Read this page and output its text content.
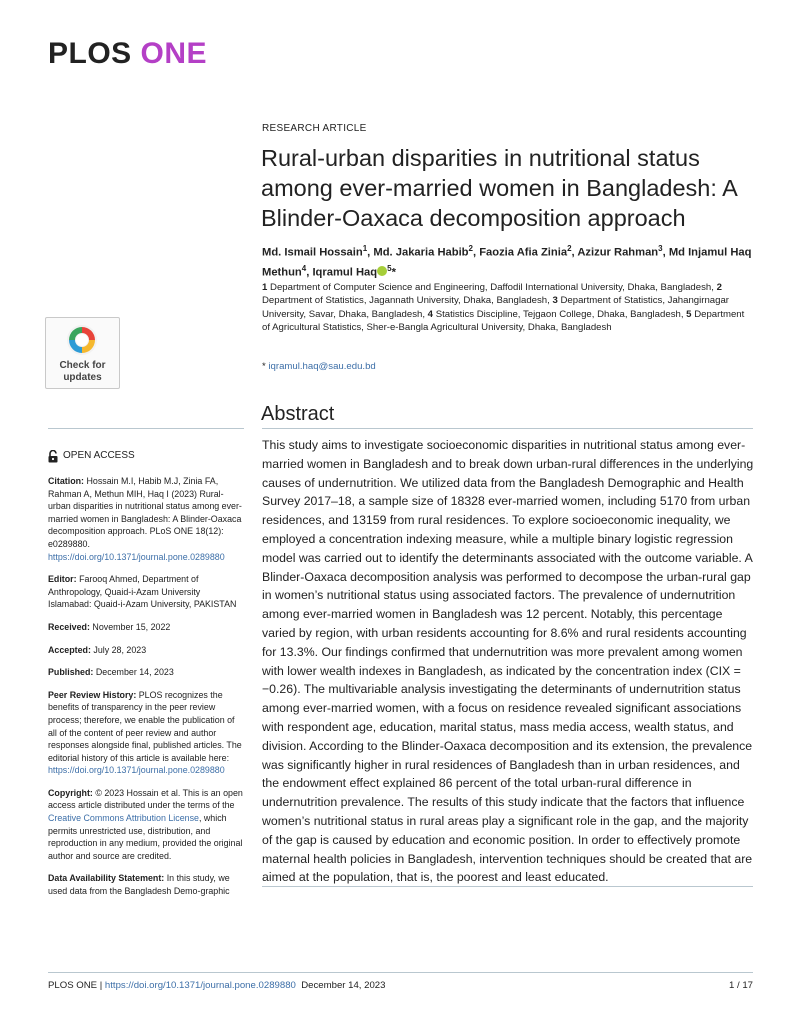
PLOS ONE
RESEARCH ARTICLE
Rural-urban disparities in nutritional status among ever-married women in Bangladesh: A Blinder-Oaxaca decomposition approach
Md. Ismail Hossain$^1$, Md. Jakaria Habib$^2$, Faozia Afia Zinia$^2$, Azizur Rahman$^3$, Md Injamul Haq Methun$^4$, Iqramul Haq $^5$*
1 Department of Computer Science and Engineering, Daffodil International University, Dhaka, Bangladesh, 2 Department of Statistics, Jagannath University, Dhaka, Bangladesh, 3 Department of Statistics, Jahangirnagar University, Savar, Dhaka, Bangladesh, 4 Statistics Discipline, Tejgaon College, Dhaka, Bangladesh, 5 Department of Agricultural Statistics, Sher-e-Bangla Agricultural University, Dhaka, Bangladesh
* iqramul.haq@sau.edu.bd
Check for
updates
Abstract

This study aims to investigate socioeconomic disparities in nutritional status among ever-married women in Bangladesh and to break down urban-rural differences in the underlying causes of undernutrition. We utilized data from the Bangladesh Demographic and Health Survey 2017–18, a sample size of 18328 ever-married women, including 5170 from urban residences, and 13159 from rural residences. To explore socioeconomic inequality, we employed a concentration indexing measure, while a multiple binary logistic regression model was carried out to identify the determinants associated with the outcome variable. A Blinder-Oaxaca decomposition analysis was performed to decompose the urban-rural gap in women’s nutritional status using associated factors. The prevalence of undernutrition among ever-married women in Bangladesh was 12 percent. Notably, this percentage varied by region, with urban residents accounting for 8.6% and rural residents accounting for 13.3%. Our findings confirmed that undernutrition was more prevalent among women with lower wealth indexes in Bangladesh, as indicated by the concentration index (CIX = −0.26). The multivariable analysis investigating the determinants of undernutrition status among ever-married women, with a focus on residence revealed significant associations with respondent age, education, marital status, mass media access, wealth status, and division. According to the Blinder-Oaxaca decomposition and its extension, the prevalence was significantly higher in rural residences of Bangladesh than in urban residences, and the endowment effect explained 86 percent of the total urban-rural difference in undernutrition prevalence. The results of this study indicate that the factors that influence women’s nutritional status in rural areas play a significant role in the gap, and the majority of the gap is caused by education and economic position. In order to effectively promote maternal health policies in Bangladesh, intervention techniques should be created that are aimed at the population, that is, the poorest and least educated.

OPEN ACCESS

Citation: Hossain M.I, Habib M.J, Zinia FA, Rahman A, Methun MIH, Haq I (2023) Rural-urban disparities in nutritional status among ever-married women in Bangladesh: A Blinder-Oaxaca decomposition approach. PLoS ONE 18(12): e0289880. https://doi.org/10.1371/journal.pone.0289880

Editor: Farooq Ahmed, Department of Anthropology, Quaid-i-Azam University Islamabad: Quaid-i-Azam University, PAKISTAN

Received: November 15, 2022

Accepted: July 28, 2023

Published: December 14, 2023

Peer Review History: PLOS recognizes the benefits of transparency in the peer review process; therefore, we enable the publication of all of the content of peer review and author responses alongside final, published articles. The editorial history of this article is available here: https://doi.org/10.1371/journal.pone.0289880

Copyright: © 2023 Hossain et al. This is an open access article distributed under the terms of the Creative Commons Attribution License, which permits unrestricted use, distribution, and reproduction in any medium, provided the original author and source are credited.

Data Availability Statement: In this study, we used data from the Bangladesh Demo-graphic

PLOS ONE | https://doi.org/10.1371/journal.pone.0289880 December 14, 2023	1 / 17
